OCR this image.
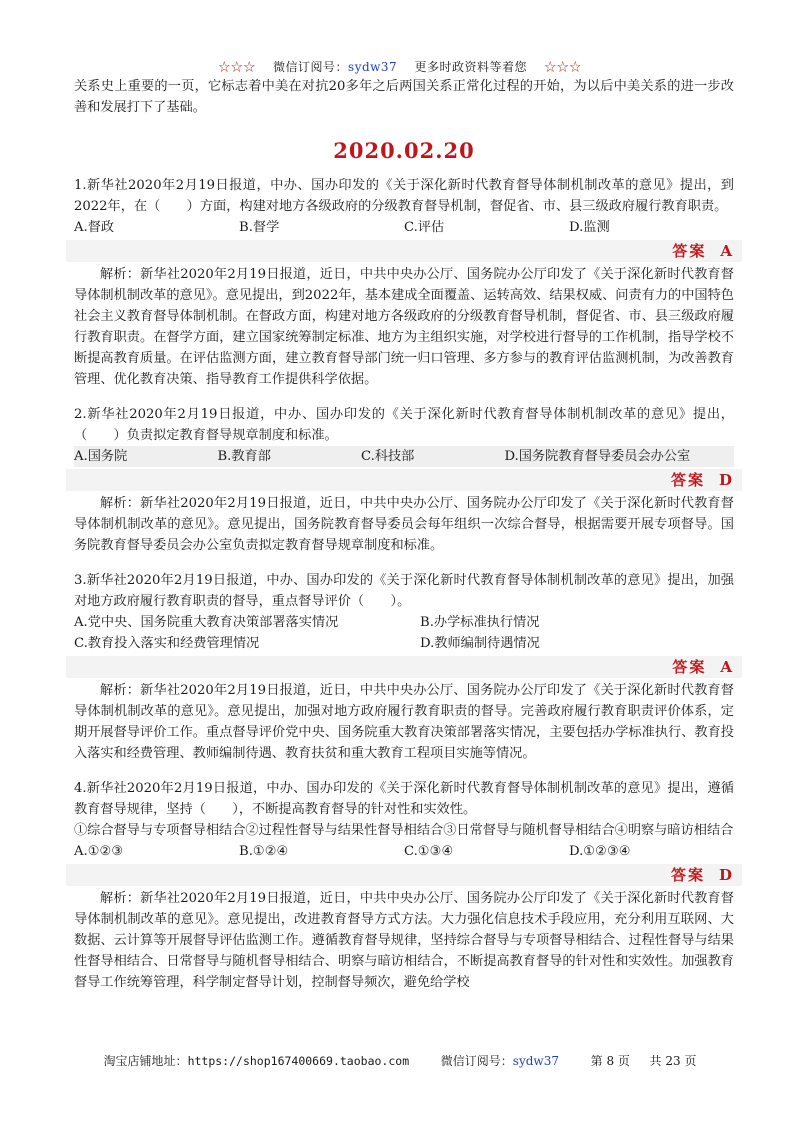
☆☆☆ 微信订阅号：sydw37 更多时政资料等着您 ☆☆☆

关系史上重要的一页，它标志着中美在对抗20多年之后两国关系正常化过程的开始，为以后中美关系的进一步改善和发展打下了基础。

2020.02.20

1.新华社2020年2月19日报道，中办、国办印发的《关于深化新时代教育督导体制机制改革的意见》提出，到2022年，在（　　）方面，构建对地方各级政府的分级教育督导机制，督促省、市、县三级政府履行教育职责。

A.督政	B.督学	C.评估	D.监测
答案 A

解析：新华社2020年2月19日报道，近日，中共中央办公厅、国务院办公厅印发了《关于深化新时代教育督导体制机制改革的意见》。意见提出，到2022年，基本建成全面覆盖、运转高效、结果权威、问责有力的中国特色社会主义教育督导体制机制。在督政方面，构建对地方各级政府的分级教育督导机制，督促省、市、县三级政府履行教育职责。在督学方面，建立国家统筹制定标准、地方为主组织实施，对学校进行督导的工作机制，指导学校不断提高教育质量。在评估监测方面，建立教育督导部门统一归口管理、多方参与的教育评估监测机制，为改善教育管理、优化教育决策、指导教育工作提供科学依据。

2.新华社2020年2月19日报道，中办、国办印发的《关于深化新时代教育督导体制机制改革的意见》提出，（　　）负责拟定教育督导规章制度和标准。

A.国务院	B.教育部	C.科技部	D.国务院教育督导委员会办公室
答案 D

解析：新华社2020年2月19日报道，近日，中共中央办公厅、国务院办公厅印发了《关于深化新时代教育督导体制机制改革的意见》。意见提出，国务院教育督导委员会每年组织一次综合督导，根据需要开展专项督导。国务院教育督导委员会办公室负责拟定教育督导规章制度和标准。

3.新华社2020年2月19日报道，中办、国办印发的《关于深化新时代教育督导体制机制改革的意见》提出，加强对地方政府履行教育职责的督导，重点督导评价（　　）。

A.党中央、国务院重大教育决策部署落实情况	B.办学标准执行情况
C.教育投入落实和经费管理情况	D.教师编制待遇情况
答案 A

解析：新华社2020年2月19日报道，近日，中共中央办公厅、国务院办公厅印发了《关于深化新时代教育督导体制机制改革的意见》。意见提出，加强对地方政府履行教育职责的督导。完善政府履行教育职责评价体系，定期开展督导评价工作。重点督导评价党中央、国务院重大教育决策部署落实情况，主要包括办学标准执行、教育投入落实和经费管理、教师编制待遇、教育扶贫和重大教育工程项目实施等情况。

4.新华社2020年2月19日报道，中办、国办印发的《关于深化新时代教育督导体制机制改革的意见》提出，遵循教育督导规律，坚持（　　），不断提高教育督导的针对性和实效性。

①综合督导与专项督导相结合②过程性督导与结果性督导相结合③日常督导与随机督导相结合④明察与暗访相结合

A.①②③	B.①②④	C.①③④	D.①②③④
答案 D

解析：新华社2020年2月19日报道，近日，中共中央办公厅、国务院办公厅印发了《关于深化新时代教育督导体制机制改革的意见》。意见提出，改进教育督导方式方法。大力强化信息技术手段应用，充分利用互联网、大数据、云计算等开展督导评估监测工作。遵循教育督导规律，坚持综合督导与专项督导相结合、过程性督导与结果性督导相结合、日常督导与随机督导相结合、明察与暗访相结合，不断提高教育督导的针对性和实效性。加强教育督导工作统筹管理，科学制定督导计划，控制督导频次，避免给学校

淘宝店铺地址：https://shop167400669.taobao.com	微信订阅号：sydw37	第 8 页 共 23 页
